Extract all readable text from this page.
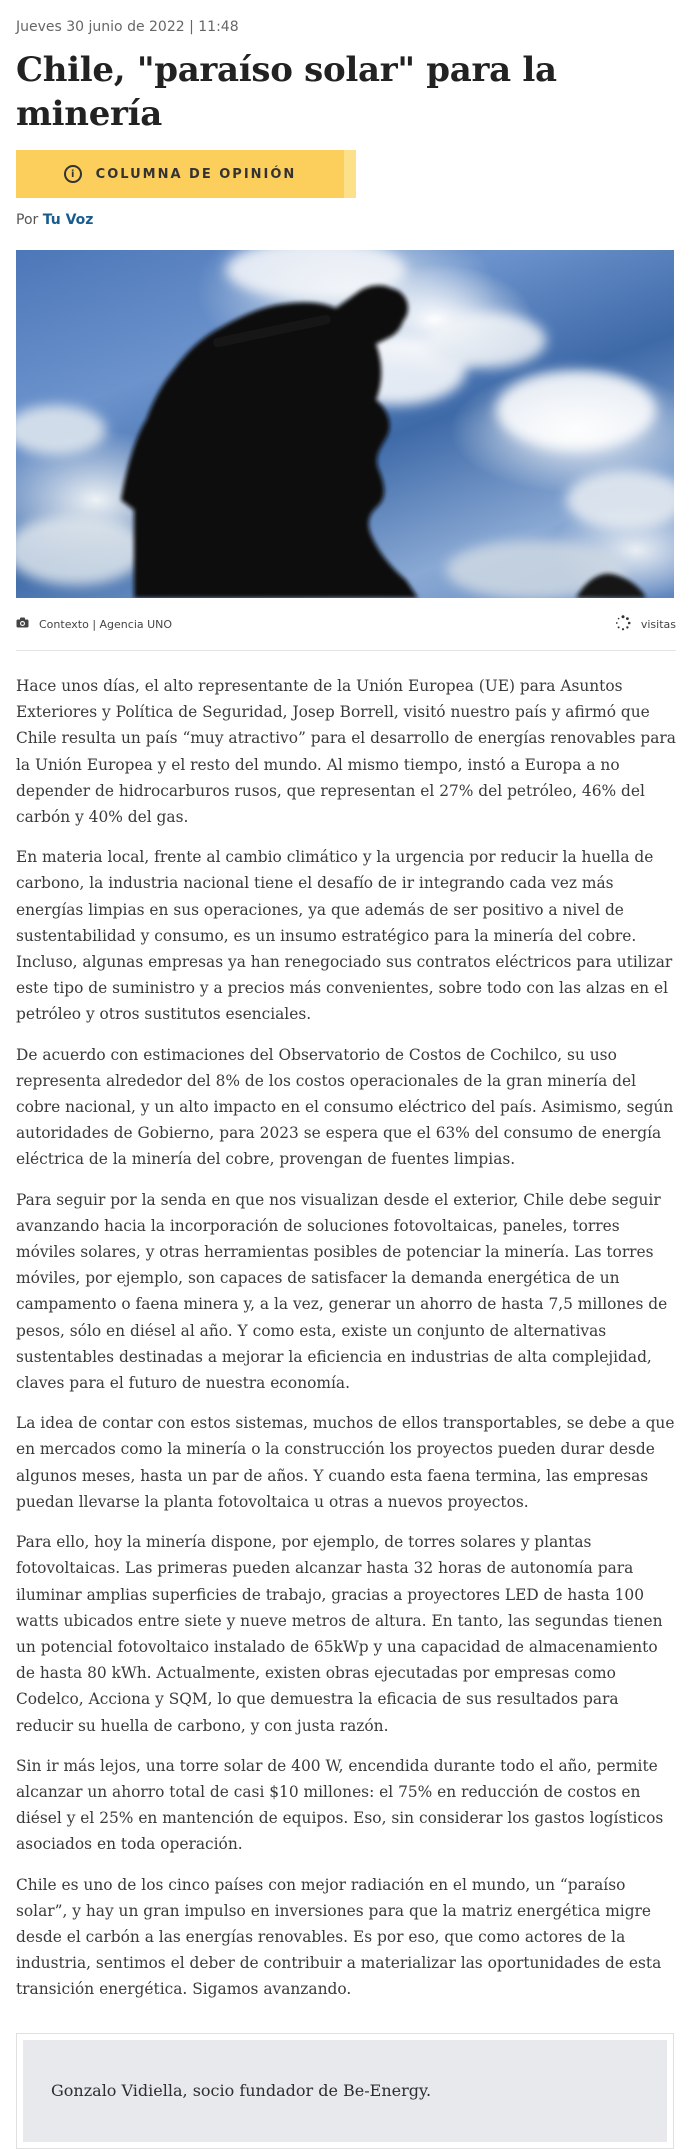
Jueves 30 junio de 2022 | 11:48
Chile, "paraíso solar" para la minería
i	COLUMNA DE OPINIÓN
Por Tu Voz
Contexto | Agencia UNO	visitas

Hace unos días, el alto representante de la Unión Europea (UE) para Asuntos Exteriores y Política de Seguridad, Josep Borrell, visitó nuestro país y afirmó que Chile resulta un país “muy atractivo” para el desarrollo de energías renovables para la Unión Europea y el resto del mundo. Al mismo tiempo, instó a Europa a no depender de hidrocarburos rusos, que representan el 27% del petróleo, 46% del carbón y 40% del gas.

En materia local, frente al cambio climático y la urgencia por reducir la huella de carbono, la industria nacional tiene el desafío de ir integrando cada vez más energías limpias en sus operaciones, ya que además de ser positivo a nivel de sustentabilidad y consumo, es un insumo estratégico para la minería del cobre. Incluso, algunas empresas ya han renegociado sus contratos eléctricos para utilizar este tipo de suministro y a precios más convenientes, sobre todo con las alzas en el petróleo y otros sustitutos esenciales.

De acuerdo con estimaciones del Observatorio de Costos de Cochilco, su uso representa alrededor del 8% de los costos operacionales de la gran minería del cobre nacional, y un alto impacto en el consumo eléctrico del país. Asimismo, según autoridades de Gobierno, para 2023 se espera que el 63% del consumo de energía eléctrica de la minería del cobre, provengan de fuentes limpias.

Para seguir por la senda en que nos visualizan desde el exterior, Chile debe seguir avanzando hacia la incorporación de soluciones fotovoltaicas, paneles, torres móviles solares, y otras herramientas posibles de potenciar la minería. Las torres móviles, por ejemplo, son capaces de satisfacer la demanda energética de un campamento o faena minera y, a la vez, generar un ahorro de hasta 7,5 millones de pesos, sólo en diésel al año. Y como esta, existe un conjunto de alternativas sustentables destinadas a mejorar la eficiencia en industrias de alta complejidad, claves para el futuro de nuestra economía.

La idea de contar con estos sistemas, muchos de ellos transportables, se debe a que en mercados como la minería o la construcción los proyectos pueden durar desde algunos meses, hasta un par de años. Y cuando esta faena termina, las empresas puedan llevarse la planta fotovoltaica u otras a nuevos proyectos.

Para ello, hoy la minería dispone, por ejemplo, de torres solares y plantas fotovoltaicas. Las primeras pueden alcanzar hasta 32 horas de autonomía para iluminar amplias superficies de trabajo, gracias a proyectores LED de hasta 100 watts ubicados entre siete y nueve metros de altura. En tanto, las segundas tienen un potencial fotovoltaico instalado de 65kWp y una capacidad de almacenamiento de hasta 80 kWh. Actualmente, existen obras ejecutadas por empresas como Codelco, Acciona y SQM, lo que demuestra la eficacia de sus resultados para reducir su huella de carbono, y con justa razón.

Sin ir más lejos, una torre solar de 400 W, encendida durante todo el año, permite alcanzar un ahorro total de casi $10 millones: el 75% en reducción de costos en diésel y el 25% en mantención de equipos. Eso, sin considerar los gastos logísticos asociados en toda operación.

Chile es uno de los cinco países con mejor radiación en el mundo, un “paraíso solar”, y hay un gran impulso en inversiones para que la matriz energética migre desde el carbón a las energías renovables. Es por eso, que como actores de la industria, sentimos el deber de contribuir a materializar las oportunidades de esta transición energética. Sigamos avanzando.

Gonzalo Vidiella, socio fundador de Be-Energy.
